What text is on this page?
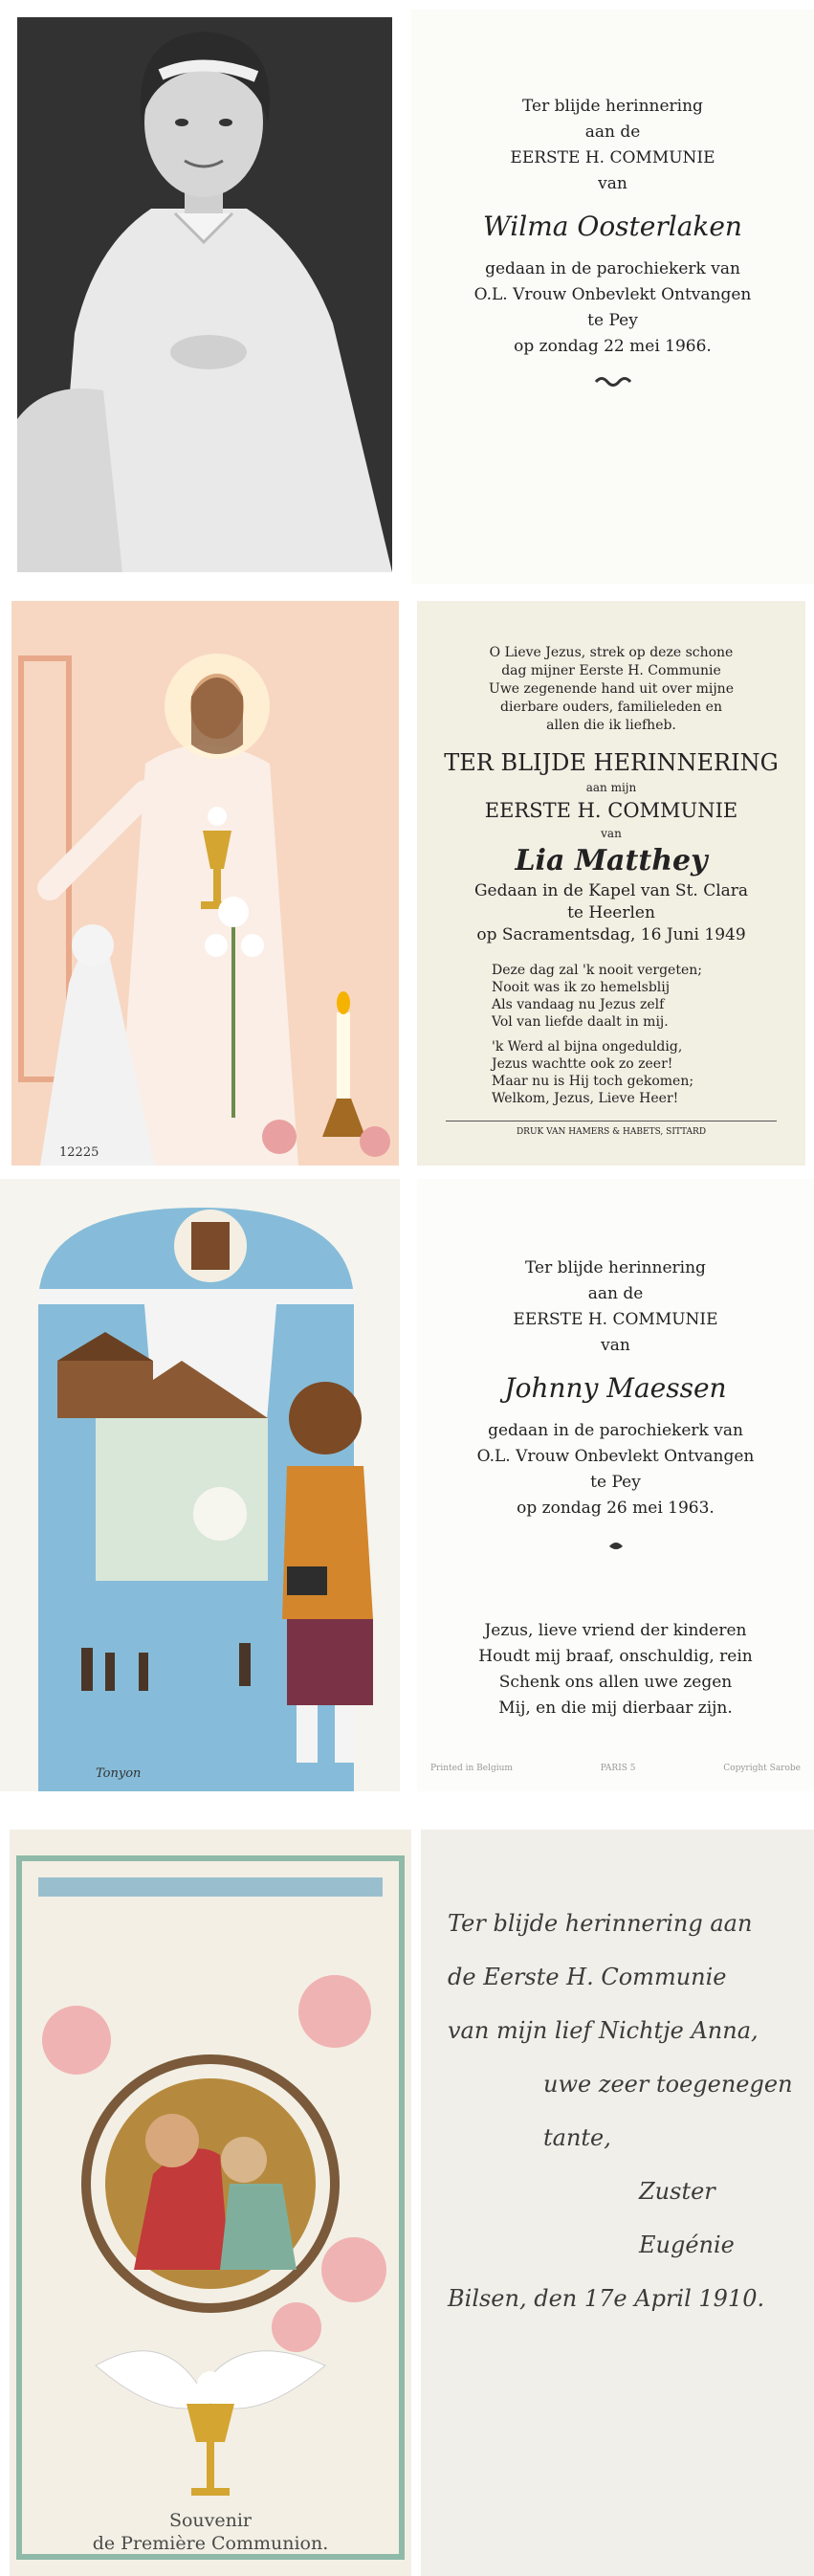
Ter blijde herinnering
aan de
EERSTE H. COMMUNIE
van
Wilma Oosterlaken
gedaan in de parochiekerk van
O.L. Vrouw Onbevlekt Ontvangen
te Pey
op zondag 22 mei 1966.
12225
O Lieve Jezus, strek op deze schone
dag mijner Eerste H. Communie
Uwe zegenende hand uit over mijne
dierbare ouders, familieleden en
allen die ik liefheb.
TER BLIJDE HERINNERING
aan mijn
EERSTE H. COMMUNIE
van
Lia Matthey
Gedaan in de Kapel van St. Clara
te Heerlen
op Sacramentsdag, 16 Juni 1949
Deze dag zal 'k nooit vergeten;
Nooit was ik zo hemelsblij
Als vandaag nu Jezus zelf
Vol van liefde daalt in mij.
'k Werd al bijna ongeduldig,
Jezus wachtte ook zo zeer!
Maar nu is Hij toch gekomen;
Welkom, Jezus, Lieve Heer!
DRUK VAN HAMERS & HABETS, SITTARD
Tonyon
Ter blijde herinnering
aan de
EERSTE H. COMMUNIE
van
Johnny Maessen
gedaan in de parochiekerk van
O.L. Vrouw Onbevlekt Ontvangen
te Pey
op zondag 26 mei 1963.
Jezus, lieve vriend der kinderen
Houdt mij braaf, onschuldig, rein
Schenk ons allen uwe zegen
Mij, en die mij dierbaar zijn.
Printed in Belgium	PARIS 5	Copyright Sarobe
Souvenir
de Première Communion.
Ter blijde herinnering aan
de Eerste H. Communie
van mijn lief Nichtje Anna,
uwe zeer toegenegen tante,
Zuster Eugénie
Bilsen, den 17e April 1910.
